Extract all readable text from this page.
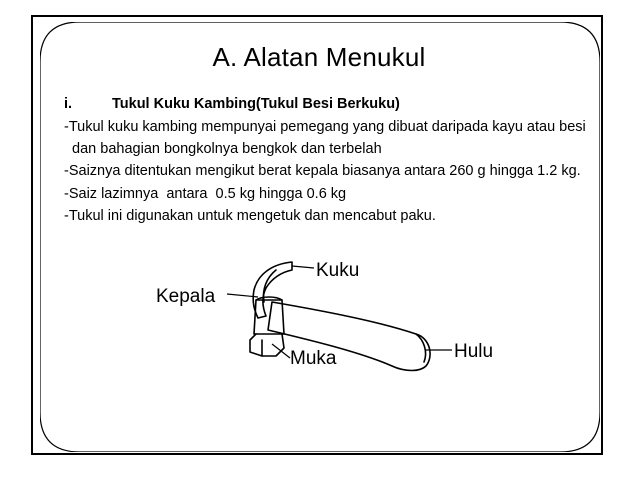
A. Alatan Menukul
i.	Tukul Kuku Kambing(Tukul Besi Berkuku)

-Tukul kuku kambing mempunyai pemegang yang dibuat daripada kayu atau besi

dan bahagian bongkolnya bengkok dan terbelah

-Saiznya ditentukan mengikut berat kepala biasanya antara 260 g hingga 1.2 kg.

-Saiz lazimnya  antara  0.5 kg hingga 0.6 kg

-Tukul ini digunakan untuk mengetuk dan mencabut paku.

Kuku
Kepala
Muka	Hulu
